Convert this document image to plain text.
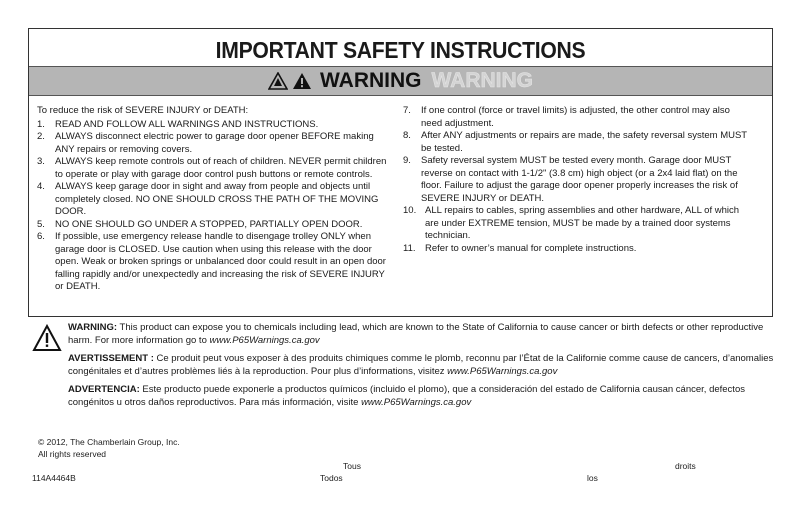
IMPORTANT SAFETY INSTRUCTIONS
WARNING WARNING
To reduce the risk of SEVERE INJURY or DEATH:
1.	READ AND FOLLOW ALL WARNINGS AND INSTRUCTIONS.
2.	ALWAYS disconnect electric power to garage door opener BEFORE making ANY repairs or removing covers.
3.	ALWAYS keep remote controls out of reach of children. NEVER permit children to operate or play with garage door control push buttons or remote controls.
4.	ALWAYS keep garage door in sight and away from people and objects until completely closed. NO ONE SHOULD CROSS THE PATH OF THE MOVING DOOR.
5.	NO ONE SHOULD GO UNDER A STOPPED, PARTIALLY OPEN DOOR.
6.	If possible, use emergency release handle to disengage trolley ONLY when garage door is CLOSED. Use caution when using this release with the door open. Weak or broken springs or unbalanced door could result in an open door falling rapidly and/or unexpectedly and increasing the risk of SEVERE INJURY or DEATH.
7.	If one control (force or travel limits) is adjusted, the other control may also need adjustment.
8.	After ANY adjustments or repairs are made, the safety reversal system MUST be tested.
9.	Safety reversal system MUST be tested every month. Garage door MUST reverse on contact with 1-1/2" (3.8 cm) high object (or a 2x4 laid flat) on the floor. Failure to adjust the garage door opener properly increases the risk of SEVERE INJURY or DEATH.
10. ALL repairs to cables, spring assemblies and other hardware, ALL of which are under EXTREME tension, MUST be made by a trained door systems technician.
11. Refer to owner’s manual for complete instructions.
WARNING: This product can expose you to chemicals including lead, which are known to the State of California to cause cancer or birth defects or other reproductive harm. For more information go to www.P65Warnings.ca.gov
AVERTISSEMENT : Ce produit peut vous exposer à des produits chimiques comme le plomb, reconnu par l’État de la Californie comme cause de cancers, d’anomalies congénitales et d’autres problèmes liés à la reproduction. Pour plus d’informations, visitez www.P65Warnings.ca.gov
ADVERTENCIA: Este producto puede exponerle a productos químicos (incluido el plomo), que a consideración del estado de California causan cáncer, defectos congénitos u otros daños reproductivos. Para más información, visite www.P65Warnings.ca.gov
© 2012, The Chamberlain Group, Inc.
All rights reserved
Tous	droits
114A4464B	Todos	los
